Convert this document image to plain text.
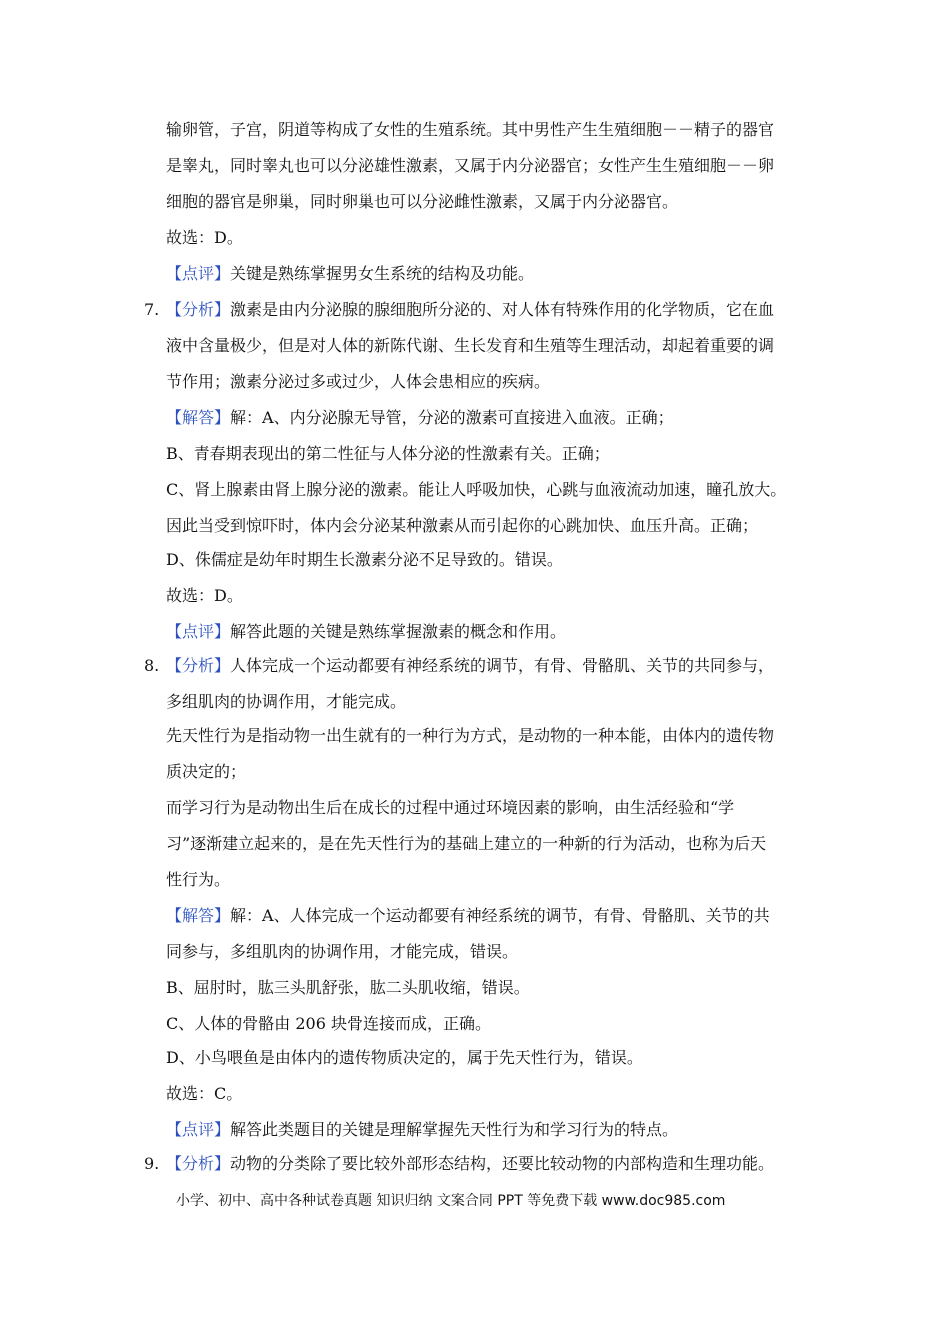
输卵管，子宫，阴道等构成了女性的生殖系统。其中男性产生生殖细胞－－精子的器官
是睾丸，同时睾丸也可以分泌雄性激素，又属于内分泌器官；女性产生生殖细胞－－卵
细胞的器官是卵巢，同时卵巢也可以分泌雌性激素，又属于内分泌器官。
故选：D。
【点评】关键是熟练掌握男女生系统的结构及功能。
7. 【分析】激素是由内分泌腺的腺细胞所分泌的、对人体有特殊作用的化学物质，它在血
液中含量极少，但是对人体的新陈代谢、生长发育和生殖等生理活动，却起着重要的调
节作用；激素分泌过多或过少，人体会患相应的疾病。
【解答】解：A、内分泌腺无导管，分泌的激素可直接进入血液。正确；
B、青春期表现出的第二性征与人体分泌的性激素有关。正确；
C、肾上腺素由肾上腺分泌的激素。能让人呼吸加快，心跳与血液流动加速，瞳孔放大。
因此当受到惊吓时，体内会分泌某种激素从而引起你的心跳加快、血压升高。正确；
D、侏儒症是幼年时期生长激素分泌不足导致的。错误。
故选：D。
【点评】解答此题的关键是熟练掌握激素的概念和作用。
8. 【分析】人体完成一个运动都要有神经系统的调节，有骨、骨骼肌、关节的共同参与，
多组肌肉的协调作用，才能完成。
先天性行为是指动物一出生就有的一种行为方式，是动物的一种本能，由体内的遗传物
质决定的；
而学习行为是动物出生后在成长的过程中通过环境因素的影响，由生活经验和“学
习”逐渐建立起来的，是在先天性行为的基础上建立的一种新的行为活动，也称为后天
性行为。
【解答】解：A、人体完成一个运动都要有神经系统的调节，有骨、骨骼肌、关节的共
同参与，多组肌肉的协调作用，才能完成，错误。
B、屈肘时，肱三头肌舒张，肱二头肌收缩，错误。
C、人体的骨骼由 206 块骨连接而成，正确。
D、小鸟喂鱼是由体内的遗传物质决定的，属于先天性行为，错误。
故选：C。
【点评】解答此类题目的关键是理解掌握先天性行为和学习行为的特点。
9. 【分析】动物的分类除了要比较外部形态结构，还要比较动物的内部构造和生理功能。
小学、初中、高中各种试卷真题 知识归纳 文案合同 PPT 等免费下载 www.doc985.com
